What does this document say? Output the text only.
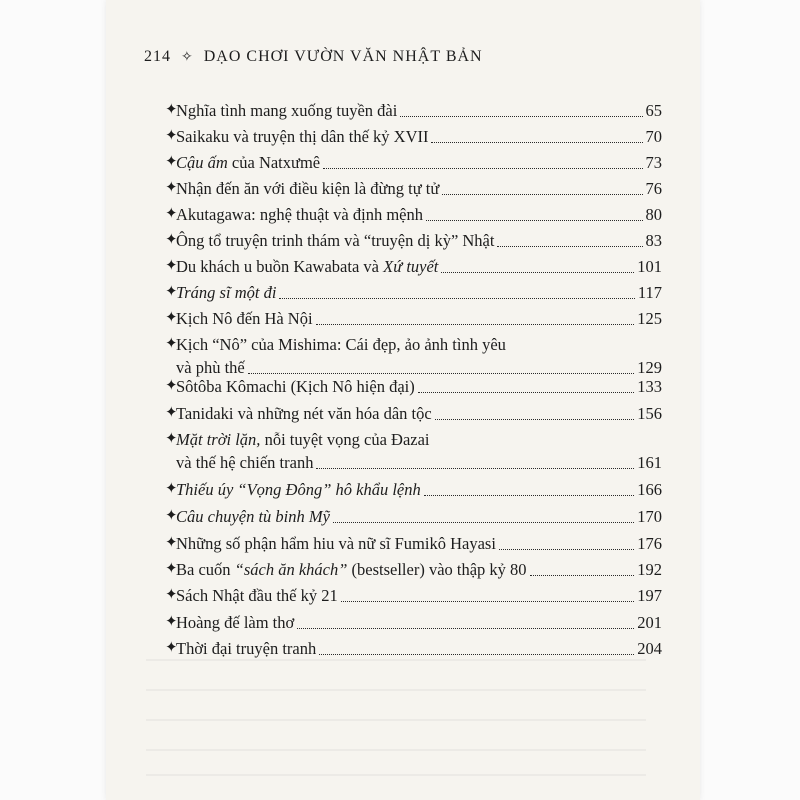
214 ✧ DẠO CHƠI VƯỜN VĂN NHẬT BẢN
✦
Nghĩa tình mang xuống tuyền đài	65
✦
Saikaku và truyện thị dân thế kỷ XVII	70
✦
Cậu ấm của Natxưmê	73
✦
Nhận đến ăn với điều kiện là đừng tự tử	76
✦
Akutagawa: nghệ thuật và định mệnh	80
✦
Ông tổ truyện trinh thám và “truyện dị kỳ” Nhật	83
✦
Du khách u buồn Kawabata và Xứ tuyết	101
✦
Tráng sĩ một đi	117
✦
Kịch Nô đến Hà Nội	125
✦
Kịch “Nô” của Mishima: Cái đẹp, ảo ảnh tình yêu
và phù thế	129
✦
Sôtôba Kômachi (Kịch Nô hiện đại)	133
✦
Tanidaki và những nét văn hóa dân tộc	156
✦
Mặt trời lặn, nỗi tuyệt vọng của Đazai
và thế hệ chiến tranh	161
✦
Thiếu úy “Vọng Đông” hô khẩu lệnh	166
✦
Câu chuyện tù binh Mỹ	170
✦
Những số phận hẩm hiu và nữ sĩ Fumikô Hayasi	176
✦
Ba cuốn “sách ăn khách” (bestseller) vào thập kỷ 80	192
✦
Sách Nhật đầu thế kỷ 21	197
✦
Hoàng đế làm thơ	201
✦
Thời đại truyện tranh	204
